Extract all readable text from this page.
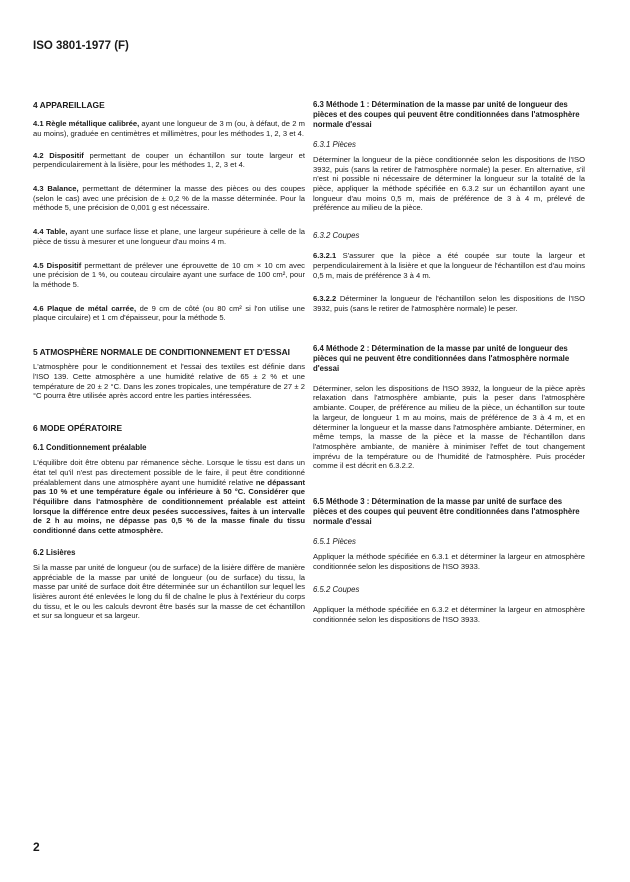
ISO 3801-1977 (F)
4 APPAREILLAGE

4.1 Règle métallique calibrée, ayant une longueur de 3 m (ou, à défaut, de 2 m au moins), graduée en centimètres et millimètres, pour les méthodes 1, 2, 3 et 4.

4.2 Dispositif permettant de couper un échantillon sur toute largeur et perpendiculairement à la lisière, pour les méthodes 1, 2, 3 et 4.

4.3 Balance, permettant de déterminer la masse des pièces ou des coupes (selon le cas) avec une précision de ± 0,2 % de la masse déterminée. Pour la méthode 5, une précision de 0,001 g est nécessaire.

4.4 Table, ayant une surface lisse et plane, une largeur supérieure à celle de la pièce de tissu à mesurer et une longueur d'au moins 4 m.

4.5 Dispositif permettant de prélever une éprouvette de 10 cm × 10 cm avec une précision de 1 %, ou couteau circulaire ayant une surface de 100 cm², pour la méthode 5.

4.6 Plaque de métal carrée, de 9 cm de côté (ou 80 cm² si l'on utilise une plaque circulaire) et 1 cm d'épaisseur, pour la méthode 5.

5 ATMOSPHÈRE NORMALE DE CONDITIONNEMENT ET D'ESSAI

L'atmosphère pour le conditionnement et l'essai des textiles est définie dans l'ISO 139. Cette atmosphère a une humidité relative de 65 ± 2 % et une température de 20 ± 2 °C. Dans les zones tropicales, une température de 27 ± 2 °C pourra être utilisée après accord entre les parties intéressées.

6 MODE OPÉRATOIRE
6.1 Conditionnement préalable

L'équilibre doit être obtenu par rémanence sèche. Lorsque le tissu est dans un état tel qu'il n'est pas directement possible de le faire, il peut être conditionné préalablement dans une atmosphère ayant une humidité relative ne dépassant pas 10 % et une température égale ou inférieure à 50 °C. Considérer que l'équilibre dans l'atmosphère de conditionnement préalable est atteint lorsque la différence entre deux pesées successives, faites à un intervalle de 2 h au moins, ne dépasse pas 0,5 % de la masse finale du tissu conditionné dans cette atmosphère.

6.2 Lisières

Si la masse par unité de longueur (ou de surface) de la lisière diffère de manière appréciable de la masse par unité de longueur (ou de surface) du tissu, la masse par unité de surface doit être déterminée sur un échantillon sur lequel les lisières auront été enlevées le long du fil de chaîne le plus à l'extérieur du corps du tissu, et le ou les calculs devront être basés sur la masse de cet échantillon et sur sa longueur et sa largeur.

6.3 Méthode 1 : Détermination de la masse par unité de longueur des pièces et des coupes qui peuvent être conditionnées dans l'atmosphère normale d'essai
6.3.1 Pièces

Déterminer la longueur de la pièce conditionnée selon les dispositions de l'ISO 3932, puis (sans la retirer de l'atmosphère normale) la peser. En alternative, s'il n'est ni possible ni nécessaire de déterminer la longueur sur la totalité de la pièce, appliquer la méthode spécifiée en 6.3.2 sur un échantillon ayant une longueur d'au moins 0,5 m, mais de préférence de 3 à 4 m, prélevé de préférence au milieu de la pièce.

6.3.2 Coupes

6.3.2.1 S'assurer que la pièce a été coupée sur toute la largeur et perpendiculairement à la lisière et que la longueur de l'échantillon est d'au moins 0,5 m, mais de préférence 3 à 4 m.

6.3.2.2 Déterminer la longueur de l'échantillon selon les dispositions de l'ISO 3932, puis (sans le retirer de l'atmosphère normale) le peser.

6.4 Méthode 2 : Détermination de la masse par unité de longueur des pièces qui ne peuvent être conditionnées dans l'atmosphère normale d'essai

Déterminer, selon les dispositions de l'ISO 3932, la longueur de la pièce après relaxation dans l'atmosphère ambiante, puis la peser dans l'atmosphère ambiante. Couper, de préférence au milieu de la pièce, un échantillon sur toute la largeur, de longueur 1 m au moins, mais de préférence de 3 à 4 m, et en déterminer la longueur et la masse dans l'atmosphère ambiante. Déterminer, en même temps, la masse de la pièce et la masse de l'échantillon dans l'atmosphère ambiante, de manière à minimiser l'effet de tout changement imprévu de la température ou de l'humidité de l'atmosphère. Puis procéder comme il est décrit en 6.3.2.2.

6.5 Méthode 3 : Détermination de la masse par unité de surface des pièces et des coupes qui peuvent être conditionnées dans l'atmosphère normale d'essai
6.5.1 Pièces

Appliquer la méthode spécifiée en 6.3.1 et déterminer la largeur en atmosphère conditionnée selon les dispositions de l'ISO 3933.

6.5.2 Coupes

Appliquer la méthode spécifiée en 6.3.2 et déterminer la largeur en atmosphère conditionnée selon les dispositions de l'ISO 3933.

2
